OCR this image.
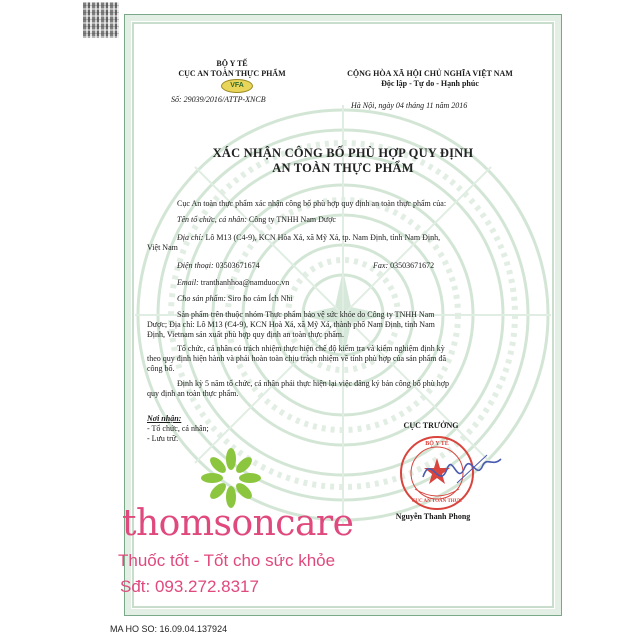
BỘ Y TẾ
CỤC AN TOÀN THỰC PHẨM
VFA
Số: 29039/2016/ATTP-XNCB
CỘNG HÒA XÃ HỘI CHỦ NGHĨA VIỆT NAM
Độc lập - Tự do - Hạnh phúc
Hà Nội, ngày 04 tháng 11 năm 2016
XÁC NHẬN CÔNG BỐ PHÙ HỢP QUY ĐỊNH
AN TOÀN THỰC PHẨM
Cục An toàn thực phẩm xác nhận công bố phù hợp quy định an toàn thực phẩm của:
Tên tổ chức, cá nhân: Công ty TNHH Nam Dược
Địa chỉ: Lô M13 (C4-9), KCN Hòa Xá, xã Mỹ Xá, tp. Nam Định, tỉnh Nam Định,
Việt Nam
Điện thoại: 03503671674	Fax: 03503671672
Email: tranthanhhoa@namduoc.vn
Cho sản phẩm: Siro ho cảm Ích Nhi
Sản phẩm trên thuộc nhóm Thực phẩm bảo vệ sức khỏe do Công ty TNHH Nam
Dược; Địa chỉ: Lô M13 (C4-9), KCN Hoà Xá, xã Mỹ Xá, thành phố Nam Định, tỉnh Nam
Định, Vietnam sản xuất phù hợp quy định an toàn thực phẩm.
Tổ chức, cá nhân có trách nhiệm thực hiện chế độ kiểm tra và kiểm nghiệm định kỳ
theo quy định hiện hành và phải hoàn toàn chịu trách nhiệm về tính phù hợp của sản phẩm đã
công bố.
Định kỳ 5 năm tổ chức, cá nhân phải thực hiện lại việc đăng ký bản công bố phù hợp
quy định an toàn thực phẩm.
Nơi nhận:
- Tổ chức, cá nhân;
- Lưu trữ.
CỤC TRƯỞNG
BỘ Y TẾ
CỤC AN TOÀN THỰC
Nguyễn Thanh Phong
thomsoncare
Thuốc tốt - Tốt cho sức khỏe
Sđt: 093.272.8317
MA HO SO: 16.09.04.137924
